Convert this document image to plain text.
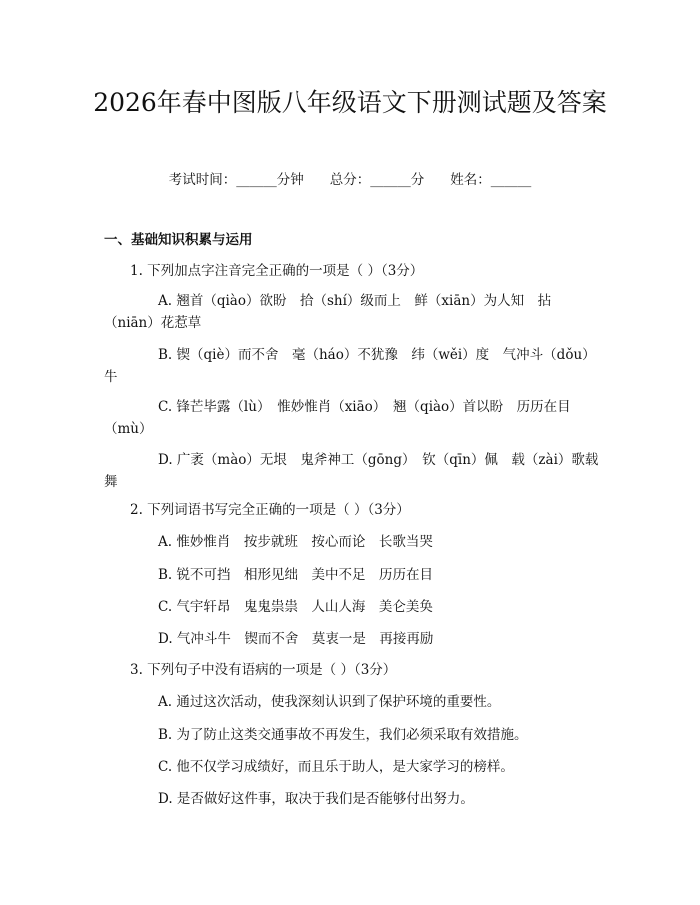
2026年春中图版八年级语文下册测试题及答案
考试时间：______分钟 总分：______分 姓名：______
一、基础知识积累与运用
1. 下列加点字注音完全正确的一项是（ ）（3分）
A. 翘首（qiào）欲盼　拾（shí）级而上　鲜（xiān）为人知　拈（niān）花惹草
B. 锲（qiè）而不舍　毫（háo）不犹豫　纬（wěi）度　气冲斗（dǒu）牛
C. 锋芒毕露（lù）　惟妙惟肖（xiāo）　翘（qiào）首以盼　历历在目（mù）
D. 广袤（mào）无垠　鬼斧神工（gōng）　钦（qīn）佩　载（zài）歌载舞
2. 下列词语书写完全正确的一项是（ ）（3分）
A. 惟妙惟肖　按步就班　按心而论　长歌当哭
B. 锐不可挡　相形见绌　美中不足　历历在目
C. 气宇轩昂　鬼鬼祟祟　人山人海　美仑美奂
D. 气冲斗牛　锲而不舍　莫衷一是　再接再励
3. 下列句子中没有语病的一项是（ ）（3分）
A. 通过这次活动，使我深刻认识到了保护环境的重要性。
B. 为了防止这类交通事故不再发生，我们必须采取有效措施。
C. 他不仅学习成绩好，而且乐于助人，是大家学习的榜样。
D. 是否做好这件事，取决于我们是否能够付出努力。
